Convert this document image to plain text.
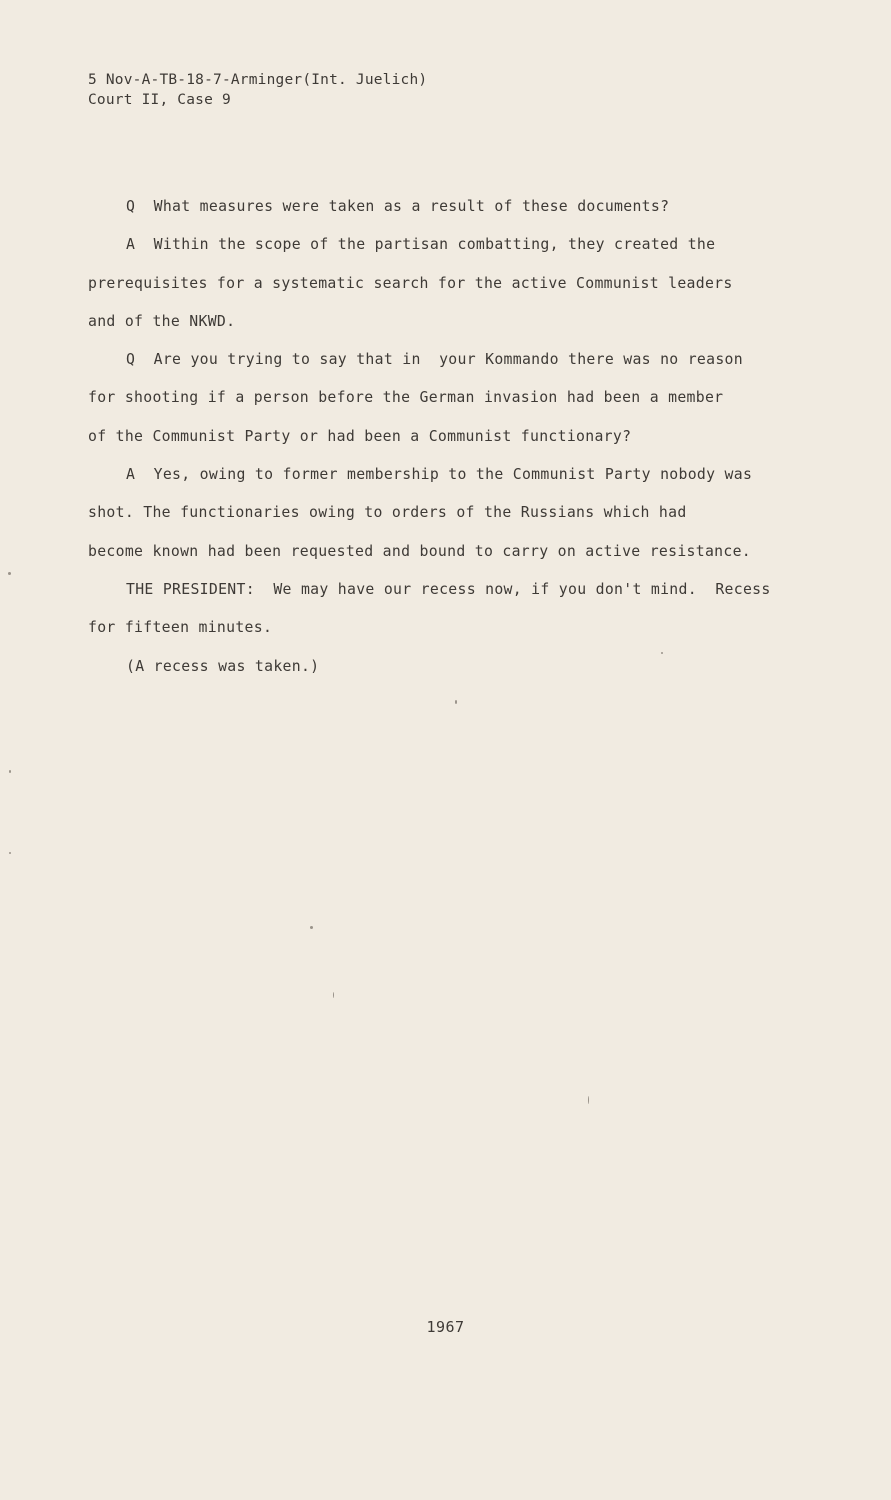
5 Nov-A-TB-18-7-Arminger(Int. Juelich)
Court II, Case 9
Q  What measures were taken as a result of these documents?
A  Within the scope of the partisan combatting, they created the
prerequisites for a systematic search for the active Communist leaders
and of the NKWD.
Q  Are you trying to say that in  your Kommando there was no reason
for shooting if a person before the German invasion had been a member
of the Communist Party or had been a Communist functionary?
A  Yes, owing to former membership to the Communist Party nobody was
shot. The functionaries owing to orders of the Russians which had
become known had been requested and bound to carry on active resistance.
THE PRESIDENT:  We may have our recess now, if you don't mind.  Recess
for fifteen minutes.
(A recess was taken.)
1967
